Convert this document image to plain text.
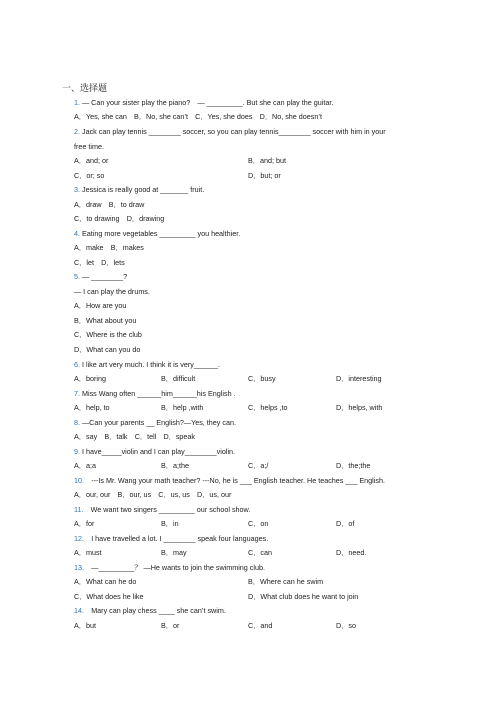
一、选择题
1. — Can your sister play the piano?　— _________. But she can play the guitar.
A．Yes, she can　B．No, she can’t　C．Yes, she does　D．No, she doesn’t
2. Jack can play tennis ________ soccer, so you can play tennis________ soccer with him in your
free time.
A．and; or	B．and; but
C．or; so	D．but; or
3. Jessica is really good at _______ fruit.
A．draw　B．to draw
C．to drawing　D．drawing
4. Eating more vegetables _________ you healthier.
A．make　B．makes
C．let　D．lets
5. — ________?
— I can play the drums.
A．How are you
B．What about you
C．Where is the club
D．What can you do
6. I like art very much. I think it is very______.
A．boring	B．difficult	C．busy	D．interesting
7. Miss Wang often ______him______his English .
A．help, to	B．help ,with	C．helps ,to	D．helps, with
8. —Can your parents __ English?—Yes, they can.
A．say　B．talk　C．tell　D．speak
9. I have_____violin and I can play________violin.
A．a;a	B．a;the	C．a;/	D．the;the
10.　---Is Mr. Wang your math teacher? ---No, he is ___ English teacher. He teaches ___ English.
A．our, our　B．our, us　C．us, us　D．us, our
11.　We want two singers _________ our school show.
A．for	B．in	C．on	D．of
12.　I have travelled a lot. I ________ speak four languages.
A．must	B．may	C．can	D．need.
13.　—_________？ —He wants to join the swimming club.
A．What can he do	B．Where can he swim
C．What does he like	D．What club does he want to join
14.　Mary can play chess ____ she can’t swim.
A．but	B．or	C．and	D．so
